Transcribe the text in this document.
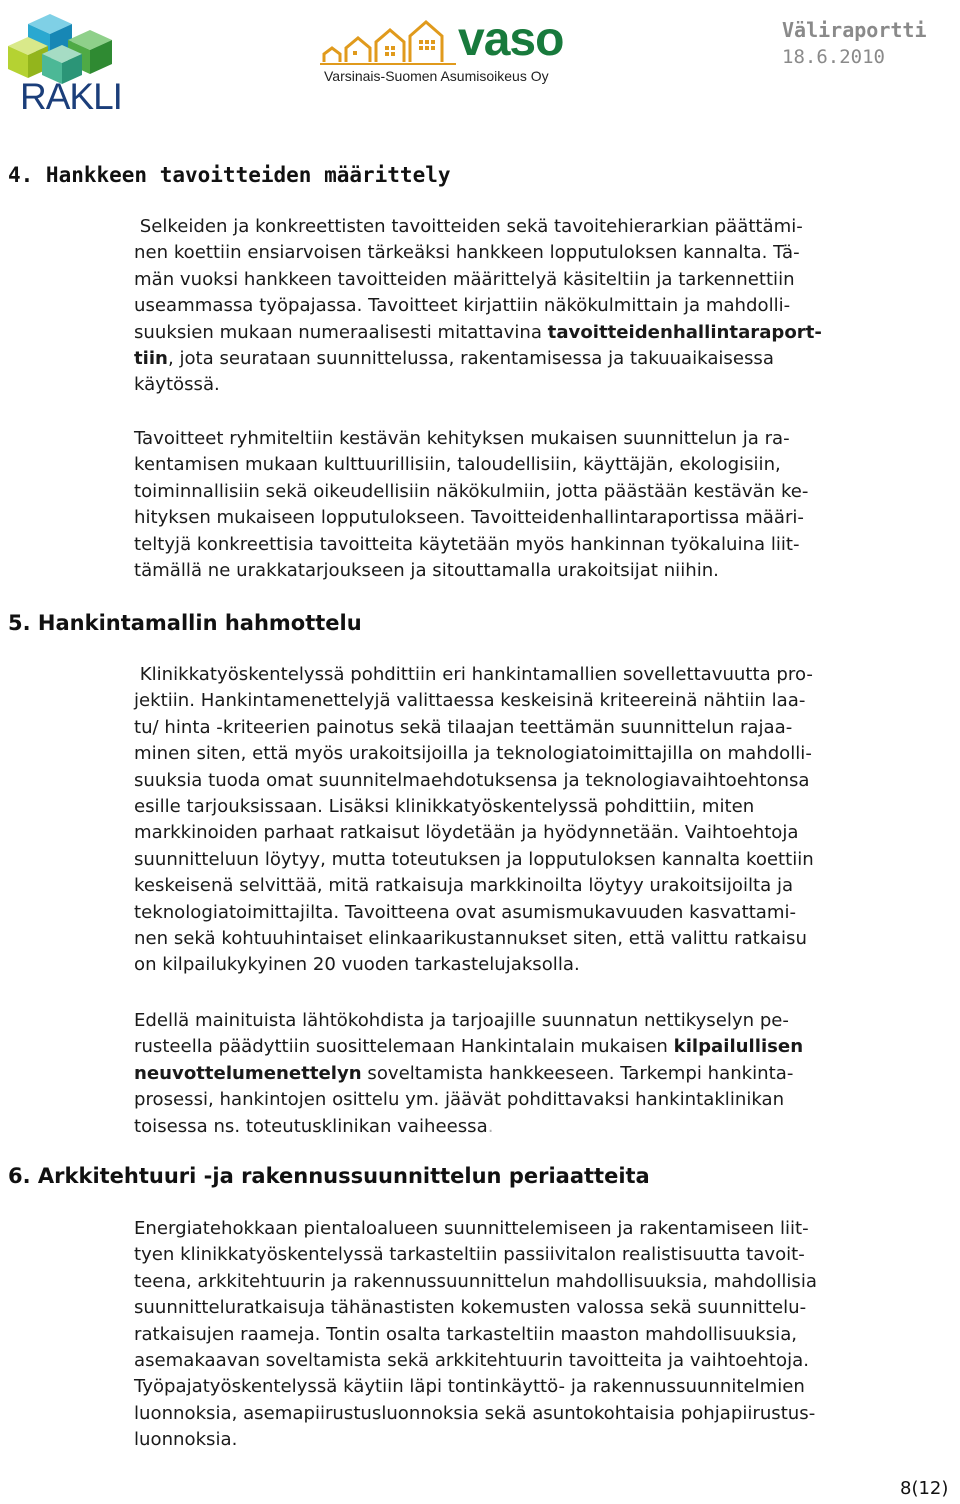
RAKLI
vaso
Varsinais-Suomen Asumisoikeus Oy
Väliraportti
18.6.2010
4. Hankkeen tavoitteiden määrittely
Selkeiden ja konkreettisten tavoitteiden sekä tavoitehierarkian päättämi-
nen koettiin ensiarvoisen tärkeäksi hankkeen lopputuloksen kannalta. Tä-
män vuoksi hankkeen tavoitteiden määrittelyä käsiteltiin ja tarkennettiin
useammassa työpajassa. Tavoitteet kirjattiin näkökulmittain ja mahdolli-
suuksien mukaan numeraalisesti mitattavina tavoitteidenhallintaraport-
tiin, jota seurataan suunnittelussa, rakentamisessa ja takuuaikaisessa
käytössä.
Tavoitteet ryhmiteltiin kestävän kehityksen mukaisen suunnittelun ja ra-
kentamisen mukaan kulttuurillisiin, taloudellisiin, käyttäjän, ekologisiin,
toiminnallisiin sekä oikeudellisiin näkökulmiin, jotta päästään kestävän ke-
hityksen mukaiseen lopputulokseen. Tavoitteidenhallintaraportissa määri-
teltyjä konkreettisia tavoitteita käytetään myös hankinnan työkaluina liit-
tämällä ne urakkatarjoukseen ja sitouttamalla urakoitsijat niihin.
5. Hankintamallin hahmottelu
Klinikkatyöskentelyssä pohdittiin eri hankintamallien sovellettavuutta pro-
jektiin. Hankintamenettelyjä valittaessa keskeisinä kriteereinä nähtiin laa-
tu/ hinta -kriteerien painotus sekä tilaajan teettämän suunnittelun rajaa-
minen siten, että myös urakoitsijoilla ja teknologiatoimittajilla on mahdolli-
suuksia tuoda omat suunnitelmaehdotuksensa ja teknologiavaihtoehtonsa
esille tarjouksissaan. Lisäksi klinikkatyöskentelyssä pohdittiin, miten
markkinoiden parhaat ratkaisut löydetään ja hyödynnetään. Vaihtoehtoja
suunnitteluun löytyy, mutta toteutuksen ja lopputuloksen kannalta koettiin
keskeisenä selvittää, mitä ratkaisuja markkinoilta löytyy urakoitsijoilta ja
teknologiatoimittajilta. Tavoitteena ovat asumismukavuuden kasvattami-
nen sekä kohtuuhintaiset elinkaarikustannukset siten, että valittu ratkaisu
on kilpailukykyinen 20 vuoden tarkastelujaksolla.
Edellä mainituista lähtökohdista ja tarjoajille suunnatun nettikyselyn pe-
rusteella päädyttiin suosittelemaan Hankintalain mukaisen kilpailullisen
neuvottelumenettelyn soveltamista hankkeeseen. Tarkempi hankinta-
prosessi, hankintojen osittelu ym. jäävät pohdittavaksi hankintaklinikan
toisessa ns. toteutusklinikan vaiheessa.
6. Arkkitehtuuri -ja rakennussuunnittelun periaatteita
Energiatehokkaan pientaloalueen suunnittelemiseen ja rakentamiseen liit-
tyen klinikkatyöskentelyssä tarkasteltiin passiivitalon realistisuutta tavoit-
teena, arkkitehtuurin ja rakennussuunnittelun mahdollisuuksia, mahdollisia
suunnitteluratkaisuja tähänastisten kokemusten valossa sekä suunnittelu-
ratkaisujen raameja. Tontin osalta tarkasteltiin maaston mahdollisuuksia,
asemakaavan soveltamista sekä arkkitehtuurin tavoitteita ja vaihtoehtoja.
Työpajatyöskentelyssä käytiin läpi tontinkäyttö- ja rakennussuunnitelmien
luonnoksia, asemapiirustusluonnoksia sekä asuntokohtaisia pohjapiirustus-
luonnoksia.
8(12)
